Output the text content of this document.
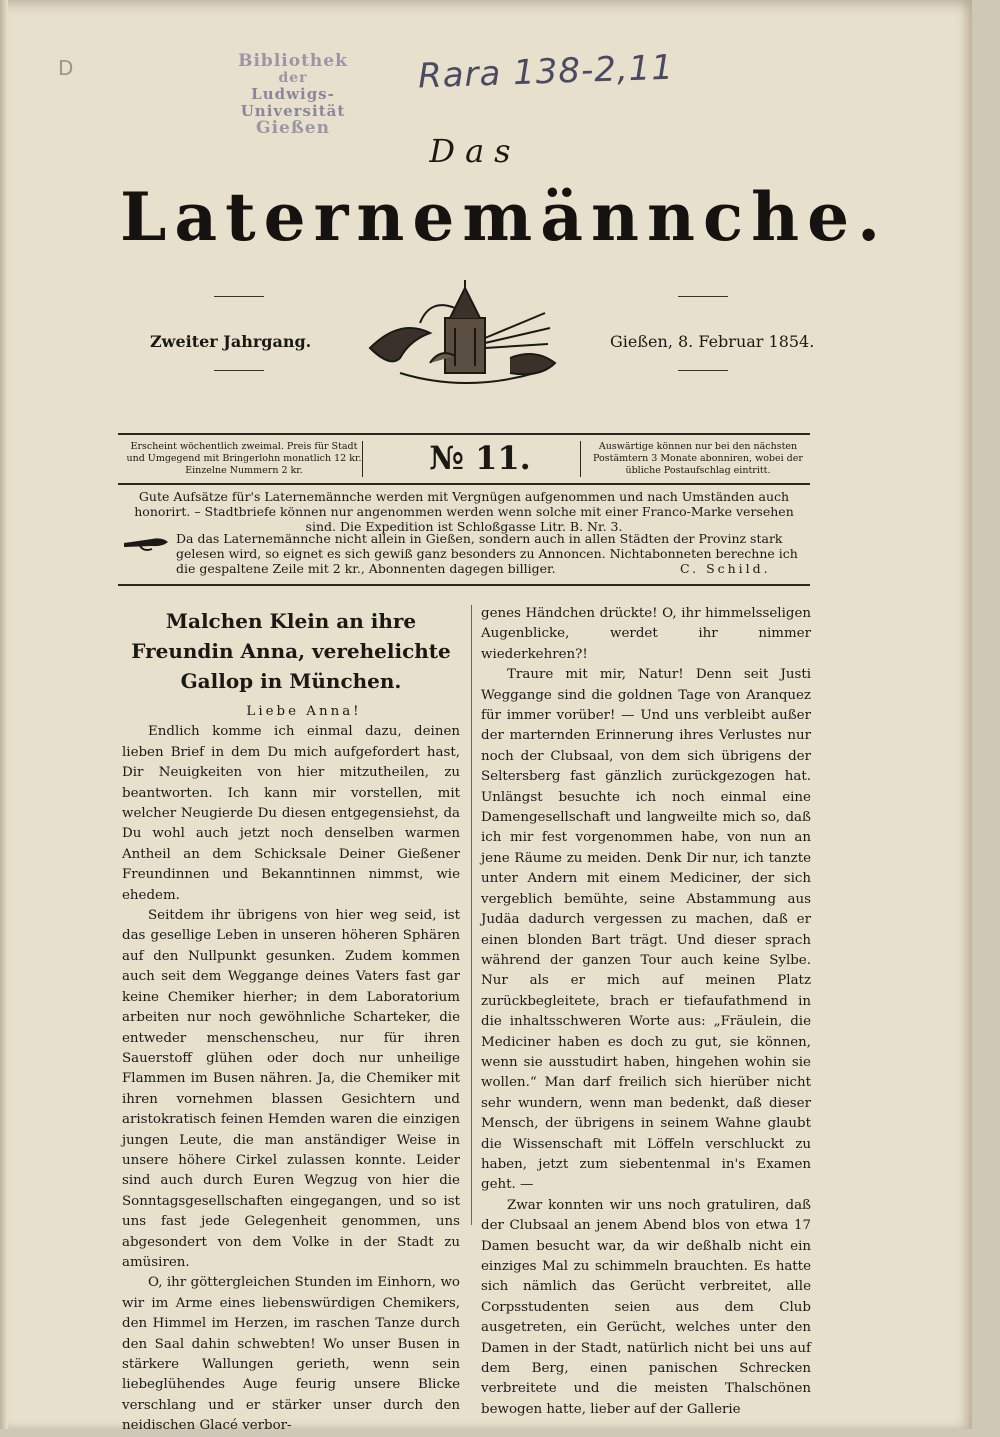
D	Bibliothek
der
Ludwigs-Universität
Gießen
Rara 138-2,11
Das
Laternemännche.
Zweiter Jahrgang.	Gießen, 8. Februar 1854.
Erscheint wöchentlich zweimal. Preis für Stadt und Umgegend mit Bringerlohn monatlich 12 kr. Einzelne Nummern 2 kr.	№ 11.	Auswärtige können nur bei den nächsten Postämtern 3 Monate abonniren, wobei der übliche Postaufschlag eintritt.
Gute Aufsätze für's Laternemännche werden mit Vergnügen aufgenommen und nach Umständen auch honorirt. – Stadtbriefe können nur angenommen werden wenn solche mit einer Franco-Marke versehen sind. Die Expedition ist Schloßgasse Litr. B. Nr. 3.
Da das Laternemännche nicht allein in Gießen, sondern auch in allen Städten der Provinz stark gelesen wird, so eignet es sich gewiß ganz besonders zu Annoncen. Nichtabonneten berechne ich die gespaltene Zeile mit 2 kr., Abonnenten dagegen billiger.	C. Schild.
Malchen Klein an ihre Freundin Anna, verehelichte Gallop in München.

Liebe Anna!

Endlich komme ich einmal dazu, deinen lieben Brief in dem Du mich aufgefordert hast, Dir Neuigkeiten von hier mitzutheilen, zu beantworten. Ich kann mir vorstellen, mit welcher Neugierde Du diesen entgegensiehst, da Du wohl auch jetzt noch denselben warmen Antheil an dem Schicksale Deiner Gießener Freundinnen und Bekanntinnen nimmst, wie ehedem.

Seitdem ihr übrigens von hier weg seid, ist das gesellige Leben in unseren höheren Sphären auf den Nullpunkt gesunken. Zudem kommen auch seit dem Weggange deines Vaters fast gar keine Chemiker hierher; in dem Laboratorium arbeiten nur noch gewöhnliche Scharteker, die entweder menschenscheu, nur für ihren Sauerstoff glühen oder doch nur unheilige Flammen im Busen nähren. Ja, die Chemiker mit ihren vornehmen blassen Gesichtern und aristokratisch feinen Hemden waren die einzigen jungen Leute, die man anständiger Weise in unsere höhere Cirkel zulassen konnte. Leider sind auch durch Euren Wegzug von hier die Sonntagsgesellschaften eingegangen, und so ist uns fast jede Gelegenheit genommen, uns abgesondert von dem Volke in der Stadt zu amüsiren.

O, ihr göttergleichen Stunden im Einhorn, wo wir im Arme eines liebenswürdigen Chemikers, den Himmel im Herzen, im raschen Tanze durch den Saal dahin schwebten! Wo unser Busen in stärkere Wallungen gerieth, wenn sein liebeglühendes Auge feurig unsere Blicke verschlang und er stärker unser durch den neidischen Glacé verbor-

genes Händchen drückte! O, ihr himmelsseligen Augenblicke, werdet ihr nimmer wiederkehren?!

Traure mit mir, Natur! Denn seit Justi Weggange sind die goldnen Tage von Aranquez für immer vorüber! — Und uns verbleibt außer der marternden Erinnerung ihres Verlustes nur noch der Clubsaal, von dem sich übrigens der Seltersberg fast gänzlich zurückgezogen hat. Unlängst besuchte ich noch einmal eine Damengesellschaft und langweilte mich so, daß ich mir fest vorgenommen habe, von nun an jene Räume zu meiden. Denk Dir nur, ich tanzte unter Andern mit einem Mediciner, der sich vergeblich bemühte, seine Abstammung aus Judäa dadurch vergessen zu machen, daß er einen blonden Bart trägt. Und dieser sprach während der ganzen Tour auch keine Sylbe. Nur als er mich auf meinen Platz zurückbegleitete, brach er tiefaufathmend in die inhaltsschweren Worte aus: „Fräulein, die Mediciner haben es doch zu gut, sie können, wenn sie ausstudirt haben, hingehen wohin sie wollen.“ Man darf freilich sich hierüber nicht sehr wundern, wenn man bedenkt, daß dieser Mensch, der übrigens in seinem Wahne glaubt die Wissenschaft mit Löffeln verschluckt zu haben, jetzt zum siebentenmal in's Examen geht. —

Zwar konnten wir uns noch gratuliren, daß der Clubsaal an jenem Abend blos von etwa 17 Damen besucht war, da wir deßhalb nicht ein einziges Mal zu schimmeln brauchten. Es hatte sich nämlich das Gerücht verbreitet, alle Corpsstudenten seien aus dem Club ausgetreten, ein Gerücht, welches unter den Damen in der Stadt, natürlich nicht bei uns auf dem Berg, einen panischen Schrecken verbreitete und die meisten Thalschönen bewogen hatte, lieber auf der Gallerie
